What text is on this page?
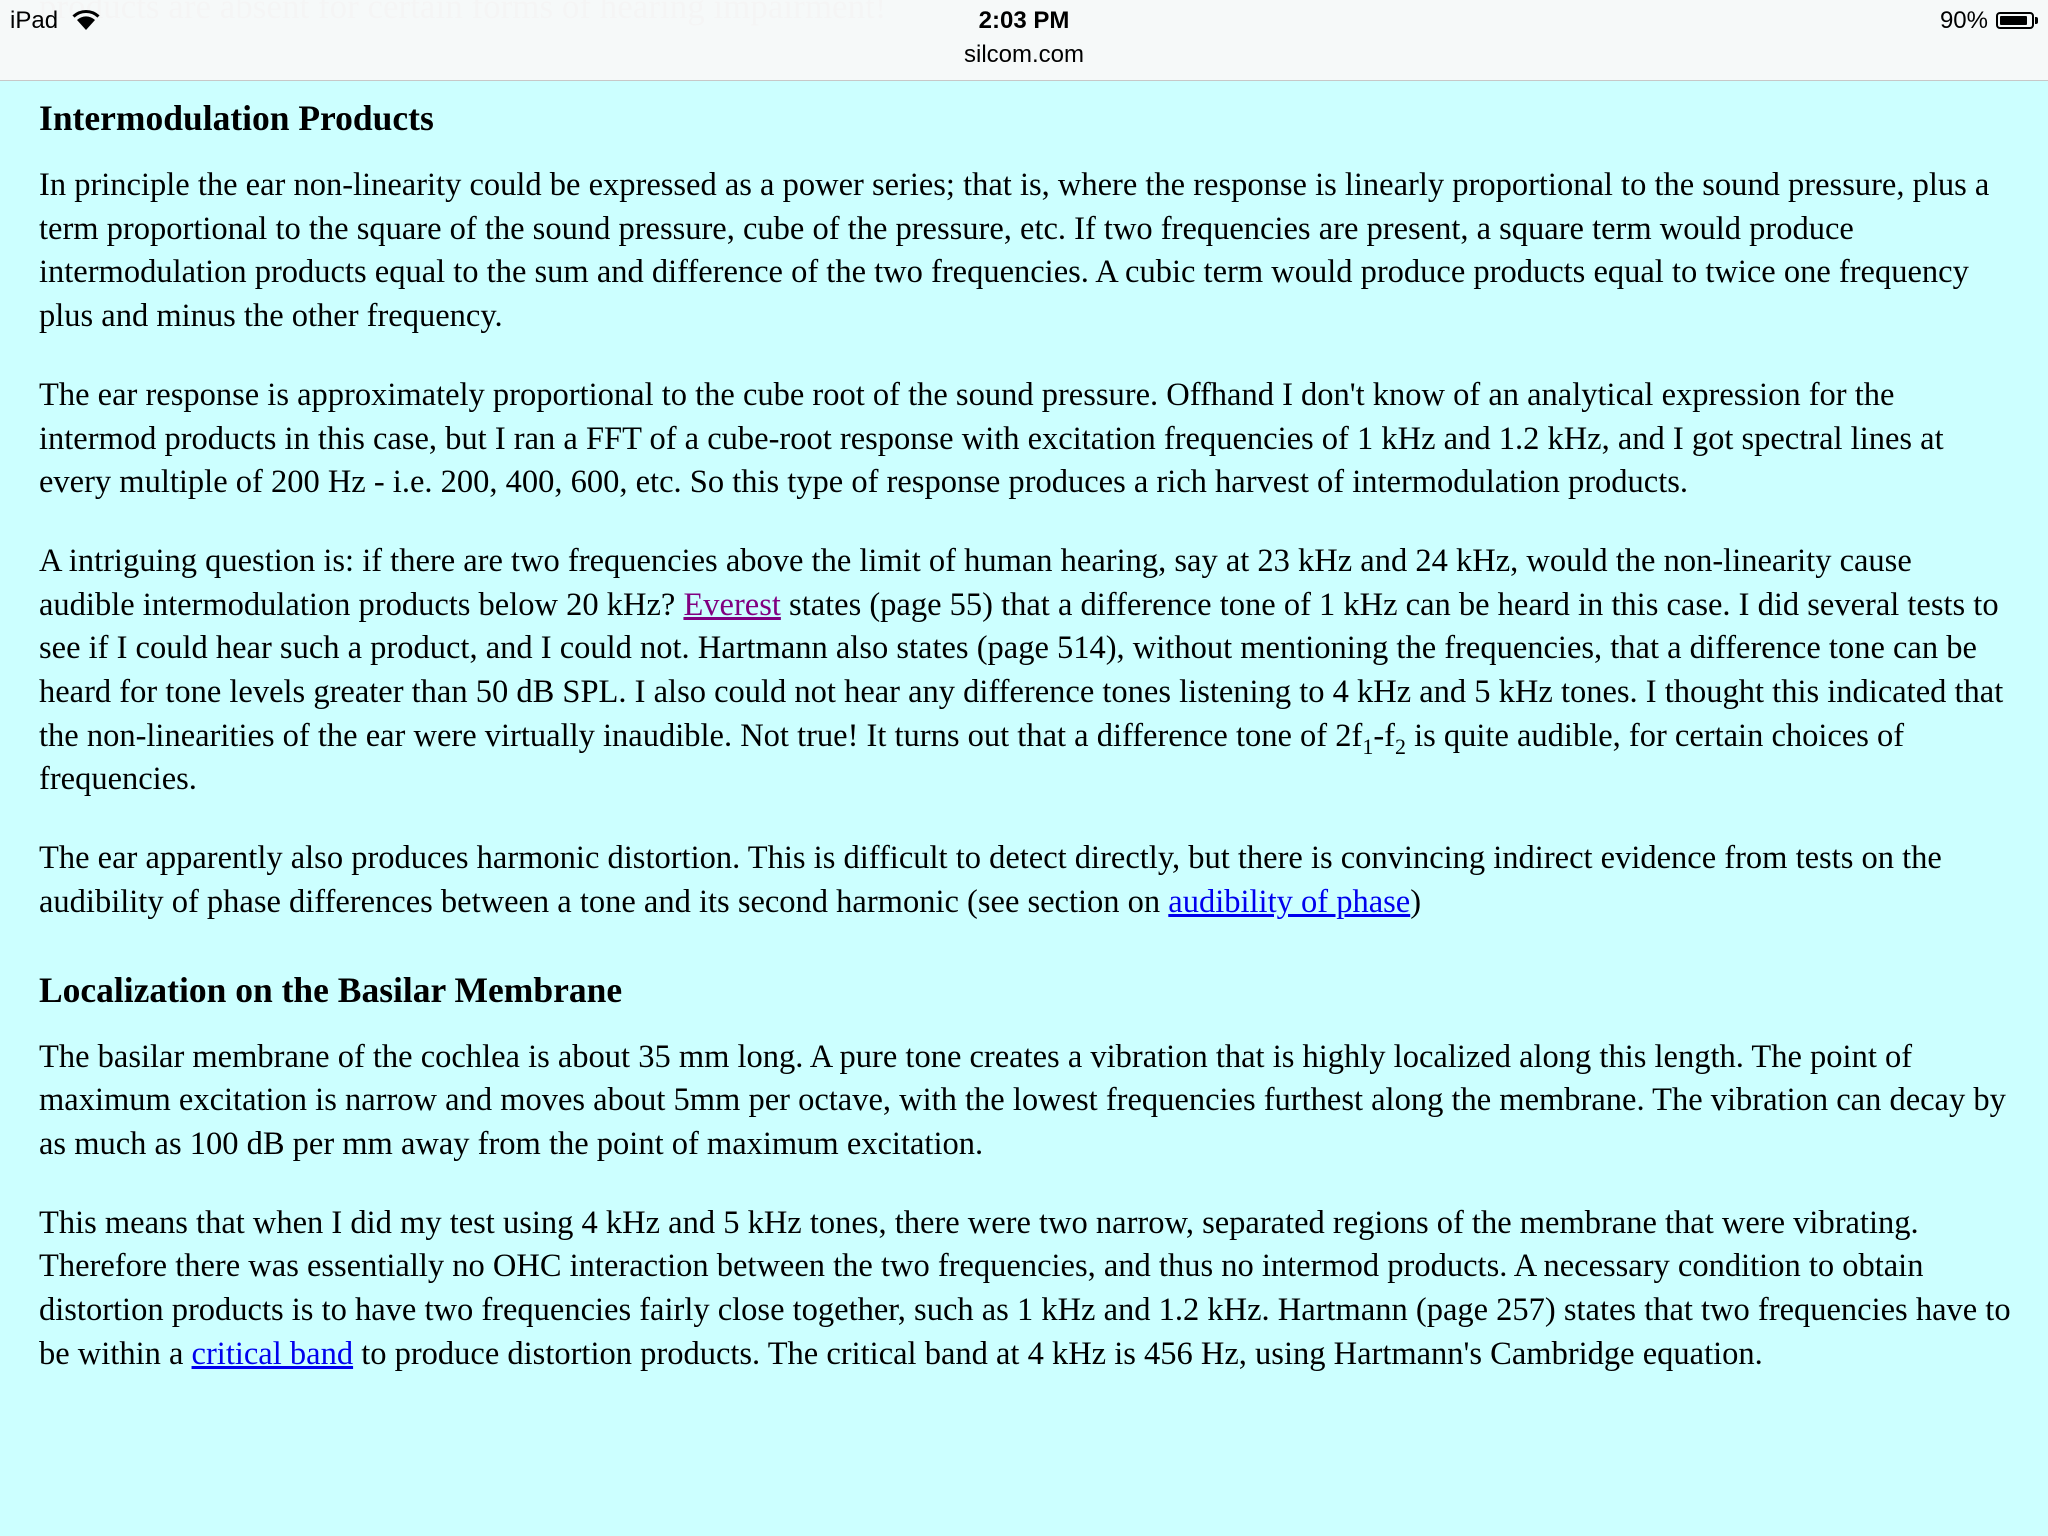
iPad	2:03 PM
silcom.com
90%
Intermodulation Products

In principle the ear non-linearity could be expressed as a power series; that is, where the response is linearly proportional to the sound pressure, plus a term proportional to the square of the sound pressure, cube of the pressure, etc. If two frequencies are present, a square term would produce intermodulation products equal to the sum and difference of the two frequencies. A cubic term would produce products equal to twice one frequency plus and minus the other frequency.

The ear response is approximately proportional to the cube root of the sound pressure. Offhand I don't know of an analytical expression for the intermod products in this case, but I ran a FFT of a cube-root response with excitation frequencies of 1 kHz and 1.2 kHz, and I got spectral lines at every multiple of 200 Hz - i.e. 200, 400, 600, etc. So this type of response produces a rich harvest of intermodulation products.

A intriguing question is: if there are two frequencies above the limit of human hearing, say at 23 kHz and 24 kHz, would the non-linearity cause audible intermodulation products below 20 kHz? Everest states (page 55) that a difference tone of 1 kHz can be heard in this case. I did several tests to see if I could hear such a product, and I could not. Hartmann also states (page 514), without mentioning the frequencies, that a difference tone can be heard for tone levels greater than 50 dB SPL. I also could not hear any difference tones listening to 4 kHz and 5 kHz tones. I thought this indicated that the non-linearities of the ear were virtually inaudible. Not true! It turns out that a difference tone of $2f_1-f_2$ is quite audible, for certain choices of frequencies.

The ear apparently also produces harmonic distortion. This is difficult to detect directly, but there is convincing indirect evidence from tests on the audibility of phase differences between a tone and its second harmonic (see section on audibility of phase)

Localization on the Basilar Membrane

The basilar membrane of the cochlea is about 35 mm long. A pure tone creates a vibration that is highly localized along this length. The point of maximum excitation is narrow and moves about 5mm per octave, with the lowest frequencies furthest along the membrane. The vibration can decay by as much as 100 dB per mm away from the point of maximum excitation.

This means that when I did my test using 4 kHz and 5 kHz tones, there were two narrow, separated regions of the membrane that were vibrating. Therefore there was essentially no OHC interaction between the two frequencies, and thus no intermod products. A necessary condition to obtain distortion products is to have two frequencies fairly close together, such as 1 kHz and 1.2 kHz. Hartmann (page 257) states that two frequencies have to be within a critical band to produce distortion products. The critical band at 4 kHz is 456 Hz, using Hartmann's Cambridge equation.
